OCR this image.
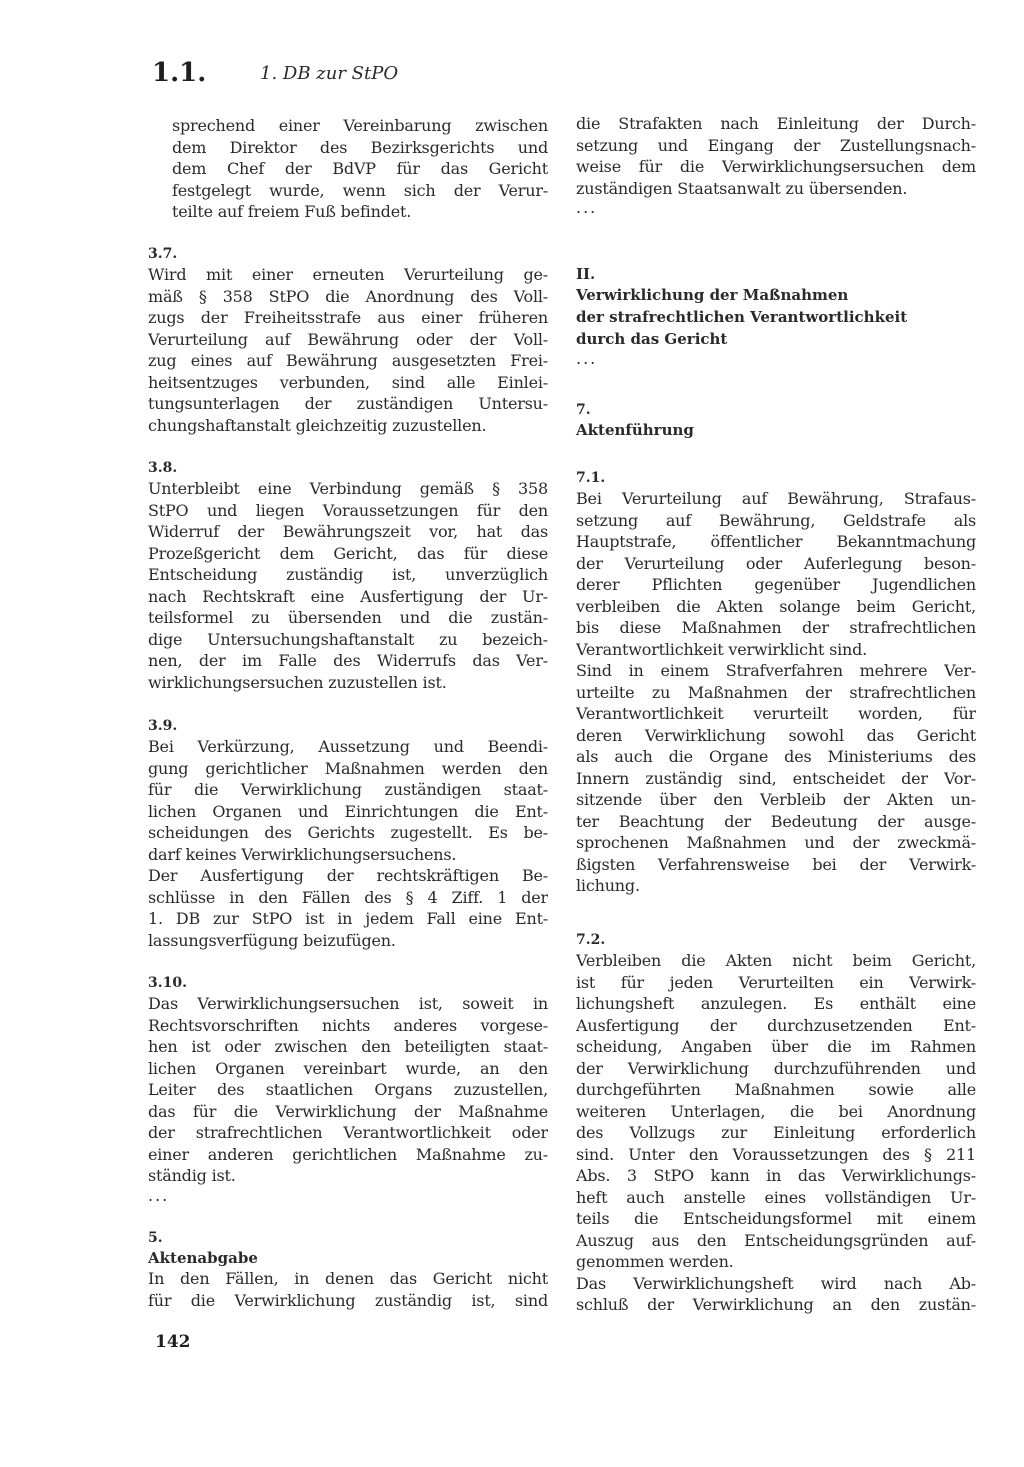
1.1.	1. DB zur StPO
sprechend einer Vereinbarung zwischen
dem Direktor des Bezirksgerichts und
dem Chef der BdVP für das Gericht
festgelegt wurde, wenn sich der Verur-
teilte auf freiem Fuß befindet.
3.7.
Wird mit einer erneuten Verurteilung ge-
mäß § 358 StPO die Anordnung des Voll-
zugs der Freiheitsstrafe aus einer früheren
Verurteilung auf Bewährung oder der Voll-
zug eines auf Bewährung ausgesetzten Frei-
heitsentzuges verbunden, sind alle Einlei-
tungsunterlagen der zuständigen Untersu-
chungshaftanstalt gleichzeitig zuzustellen.
3.8.
Unterbleibt eine Verbindung gemäß § 358
StPO und liegen Voraussetzungen für den
Widerruf der Bewährungszeit vor, hat das
Prozeßgericht dem Gericht, das für diese
Entscheidung zuständig ist, unverzüglich
nach Rechtskraft eine Ausfertigung der Ur-
teilsformel zu übersenden und die zustän-
dige Untersuchungshaftanstalt zu bezeich-
nen, der im Falle des Widerrufs das Ver-
wirklichungsersuchen zuzustellen ist.
3.9.
Bei Verkürzung, Aussetzung und Beendi-
gung gerichtlicher Maßnahmen werden den
für die Verwirklichung zuständigen staat-
lichen Organen und Einrichtungen die Ent-
scheidungen des Gerichts zugestellt. Es be-
darf keines Verwirklichungsersuchens.
Der Ausfertigung der rechtskräftigen Be-
schlüsse in den Fällen des § 4 Ziff. 1 der
1. DB zur StPO ist in jedem Fall eine Ent-
lassungsverfügung beizufügen.
3.10.
Das Verwirklichungsersuchen ist, soweit in
Rechtsvorschriften nichts anderes vorgese-
hen ist oder zwischen den beteiligten staat-
lichen Organen vereinbart wurde, an den
Leiter des staatlichen Organs zuzustellen,
das für die Verwirklichung der Maßnahme
der strafrechtlichen Verantwortlichkeit oder
einer anderen gerichtlichen Maßnahme zu-
ständig ist.
...
5.
Aktenabgabe
In den Fällen, in denen das Gericht nicht
für die Verwirklichung zuständig ist, sind
die Strafakten nach Einleitung der Durch-
setzung und Eingang der Zustellungsnach-
weise für die Verwirklichungsersuchen dem
zuständigen Staatsanwalt zu übersenden.
...
II.
Verwirklichung der Maßnahmen
der strafrechtlichen Verantwortlichkeit
durch das Gericht
...
7.
Aktenführung
7.1.
Bei Verurteilung auf Bewährung, Strafaus-
setzung auf Bewährung, Geldstrafe als
Hauptstrafe, öffentlicher Bekanntmachung
der Verurteilung oder Auferlegung beson-
derer Pflichten gegenüber Jugendlichen
verbleiben die Akten solange beim Gericht,
bis diese Maßnahmen der strafrechtlichen
Verantwortlichkeit verwirklicht sind.
Sind in einem Strafverfahren mehrere Ver-
urteilte zu Maßnahmen der strafrechtlichen
Verantwortlichkeit verurteilt worden, für
deren Verwirklichung sowohl das Gericht
als auch die Organe des Ministeriums des
Innern zuständig sind, entscheidet der Vor-
sitzende über den Verbleib der Akten un-
ter Beachtung der Bedeutung der ausge-
sprochenen Maßnahmen und der zweckmä-
ßigsten Verfahrensweise bei der Verwirk-
lichung.
7.2.
Verbleiben die Akten nicht beim Gericht,
ist für jeden Verurteilten ein Verwirk-
lichungsheft anzulegen. Es enthält eine
Ausfertigung der durchzusetzenden Ent-
scheidung, Angaben über die im Rahmen
der Verwirklichung durchzuführenden und
durchgeführten Maßnahmen sowie alle
weiteren Unterlagen, die bei Anordnung
des Vollzugs zur Einleitung erforderlich
sind. Unter den Voraussetzungen des § 211
Abs. 3 StPO kann in das Verwirklichungs-
heft auch anstelle eines vollständigen Ur-
teils die Entscheidungsformel mit einem
Auszug aus den Entscheidungsgründen auf-
genommen werden.
Das Verwirklichungsheft wird nach Ab-
schluß der Verwirklichung an den zustän-
142
